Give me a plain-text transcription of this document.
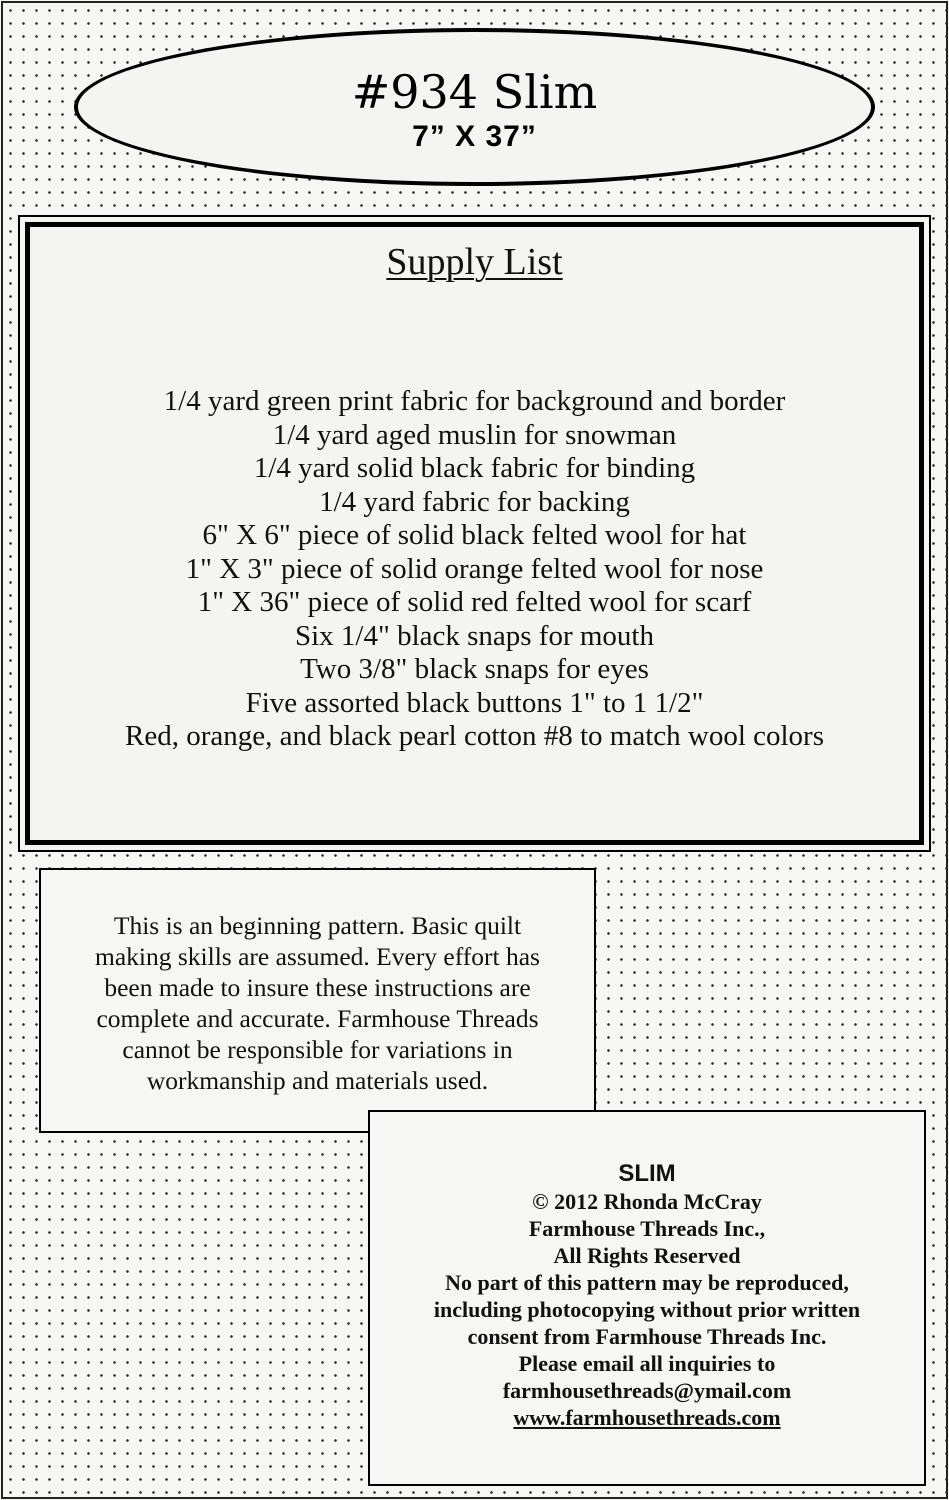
#934 Slim
7” X 37”
Supply List
1/4 yard green print fabric for background and border
1/4 yard aged muslin for snowman
1/4 yard solid black fabric for binding
1/4 yard fabric for backing
6" X 6" piece of solid black felted wool for hat
1" X 3" piece of solid orange felted wool for nose
1" X 36" piece of solid red felted wool for scarf
Six 1/4" black snaps for mouth
Two 3/8" black snaps for eyes
Five assorted black buttons 1" to 1 1/2"
Red, orange, and black pearl cotton #8 to match wool colors

This is an beginning pattern. Basic quilt
making skills are assumed. Every effort has
been made to insure these instructions are
complete and accurate. Farmhouse Threads
cannot be responsible for variations in
workmanship and materials used.

SLIM
© 2012 Rhonda McCray
Farmhouse Threads Inc.,
All Rights Reserved
No part of this pattern may be reproduced,
including photocopying without prior written
consent from Farmhouse Threads Inc.
Please email all inquiries to
farmhousethreads@ymail.com
www.farmhousethreads.com
